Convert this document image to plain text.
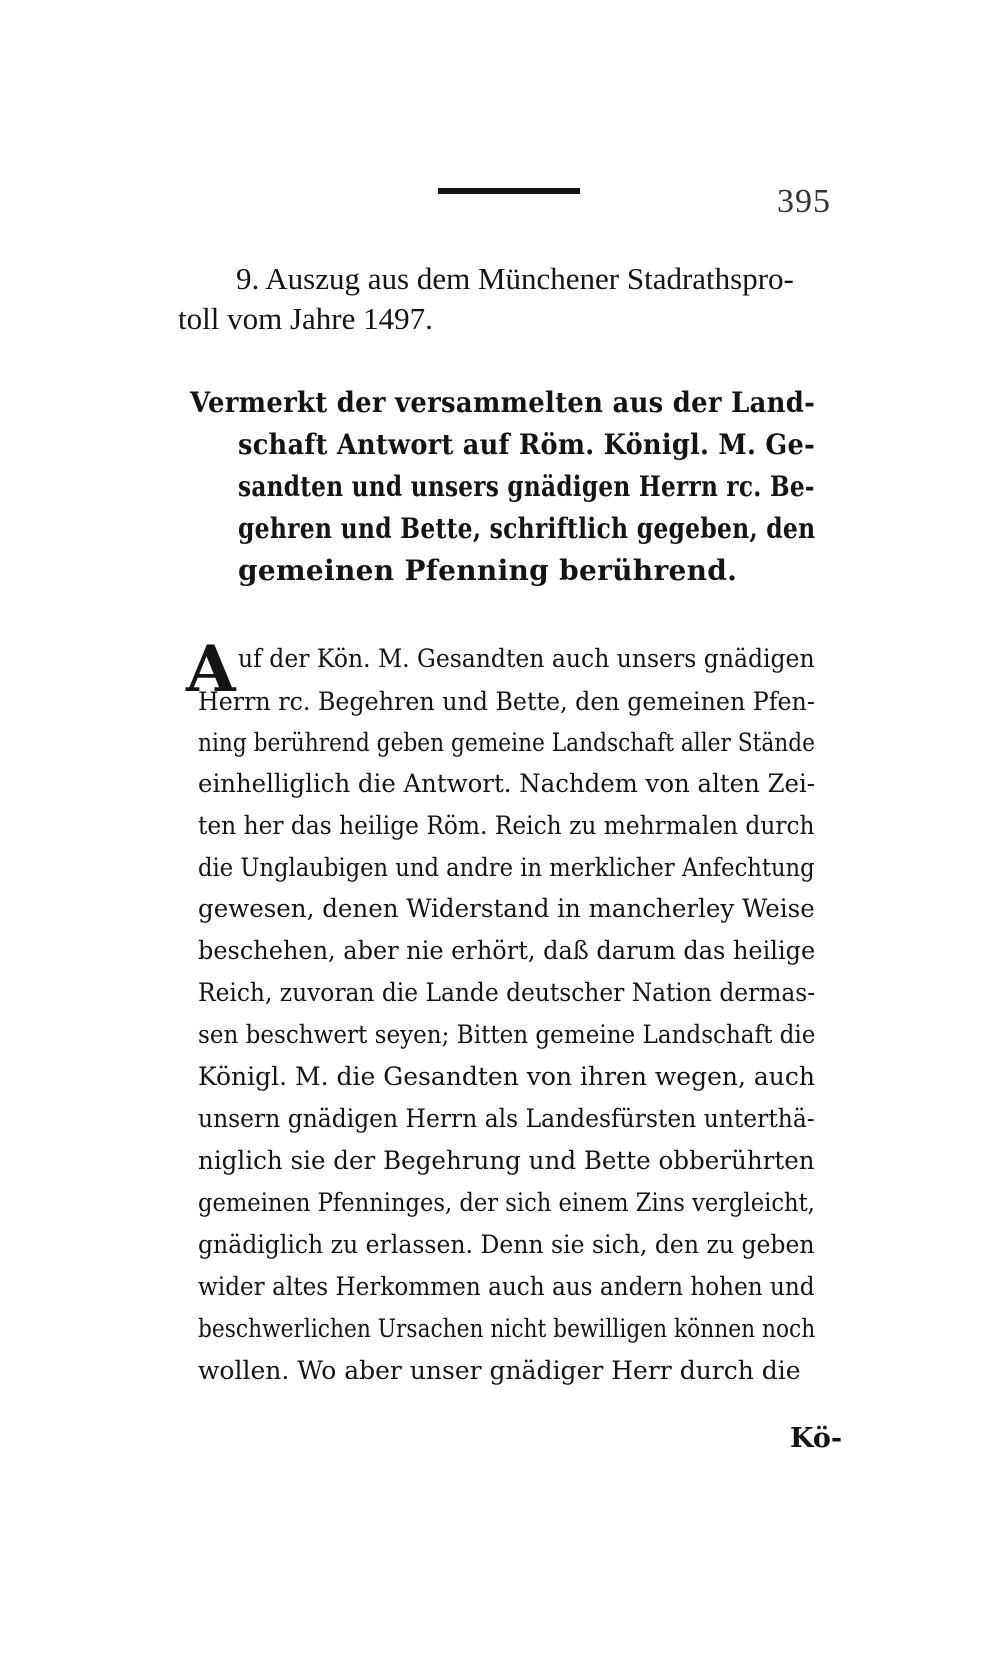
395
9. Auszug aus dem Münchener Stadrathspro-
toll vom Jahre 1497.
Vermerkt der versammelten aus der Land-
schaft Antwort auf Röm. Königl. M. Ge-
sandten und unsers gnädigen Herrn rc. Be-
gehren und Bette, schriftlich gegeben, den
gemeinen Pfenning berührend.
A uf der Kön. M. Gesandten auch unsers gnädigen
Herrn rc. Begehren und Bette, den gemeinen Pfen-
ning berührend geben gemeine Landschaft aller Stände
einhelliglich die Antwort. Nachdem von alten Zei-
ten her das heilige Röm. Reich zu mehrmalen durch
die Unglaubigen und andre in merklicher Anfechtung
gewesen, denen Widerstand in mancherley Weise
beschehen, aber nie erhört, daß darum das heilige
Reich, zuvoran die Lande deutscher Nation dermas-
sen beschwert seyen; Bitten gemeine Landschaft die
Königl. M. die Gesandten von ihren wegen, auch
unsern gnädigen Herrn als Landesfürsten unterthä-
niglich sie der Begehrung und Bette obberührten
gemeinen Pfenninges, der sich einem Zins vergleicht,
gnädiglich zu erlassen. Denn sie sich, den zu geben
wider altes Herkommen auch aus andern hohen und
beschwerlichen Ursachen nicht bewilligen können noch
wollen. Wo aber unser gnädiger Herr durch die
Kö-
